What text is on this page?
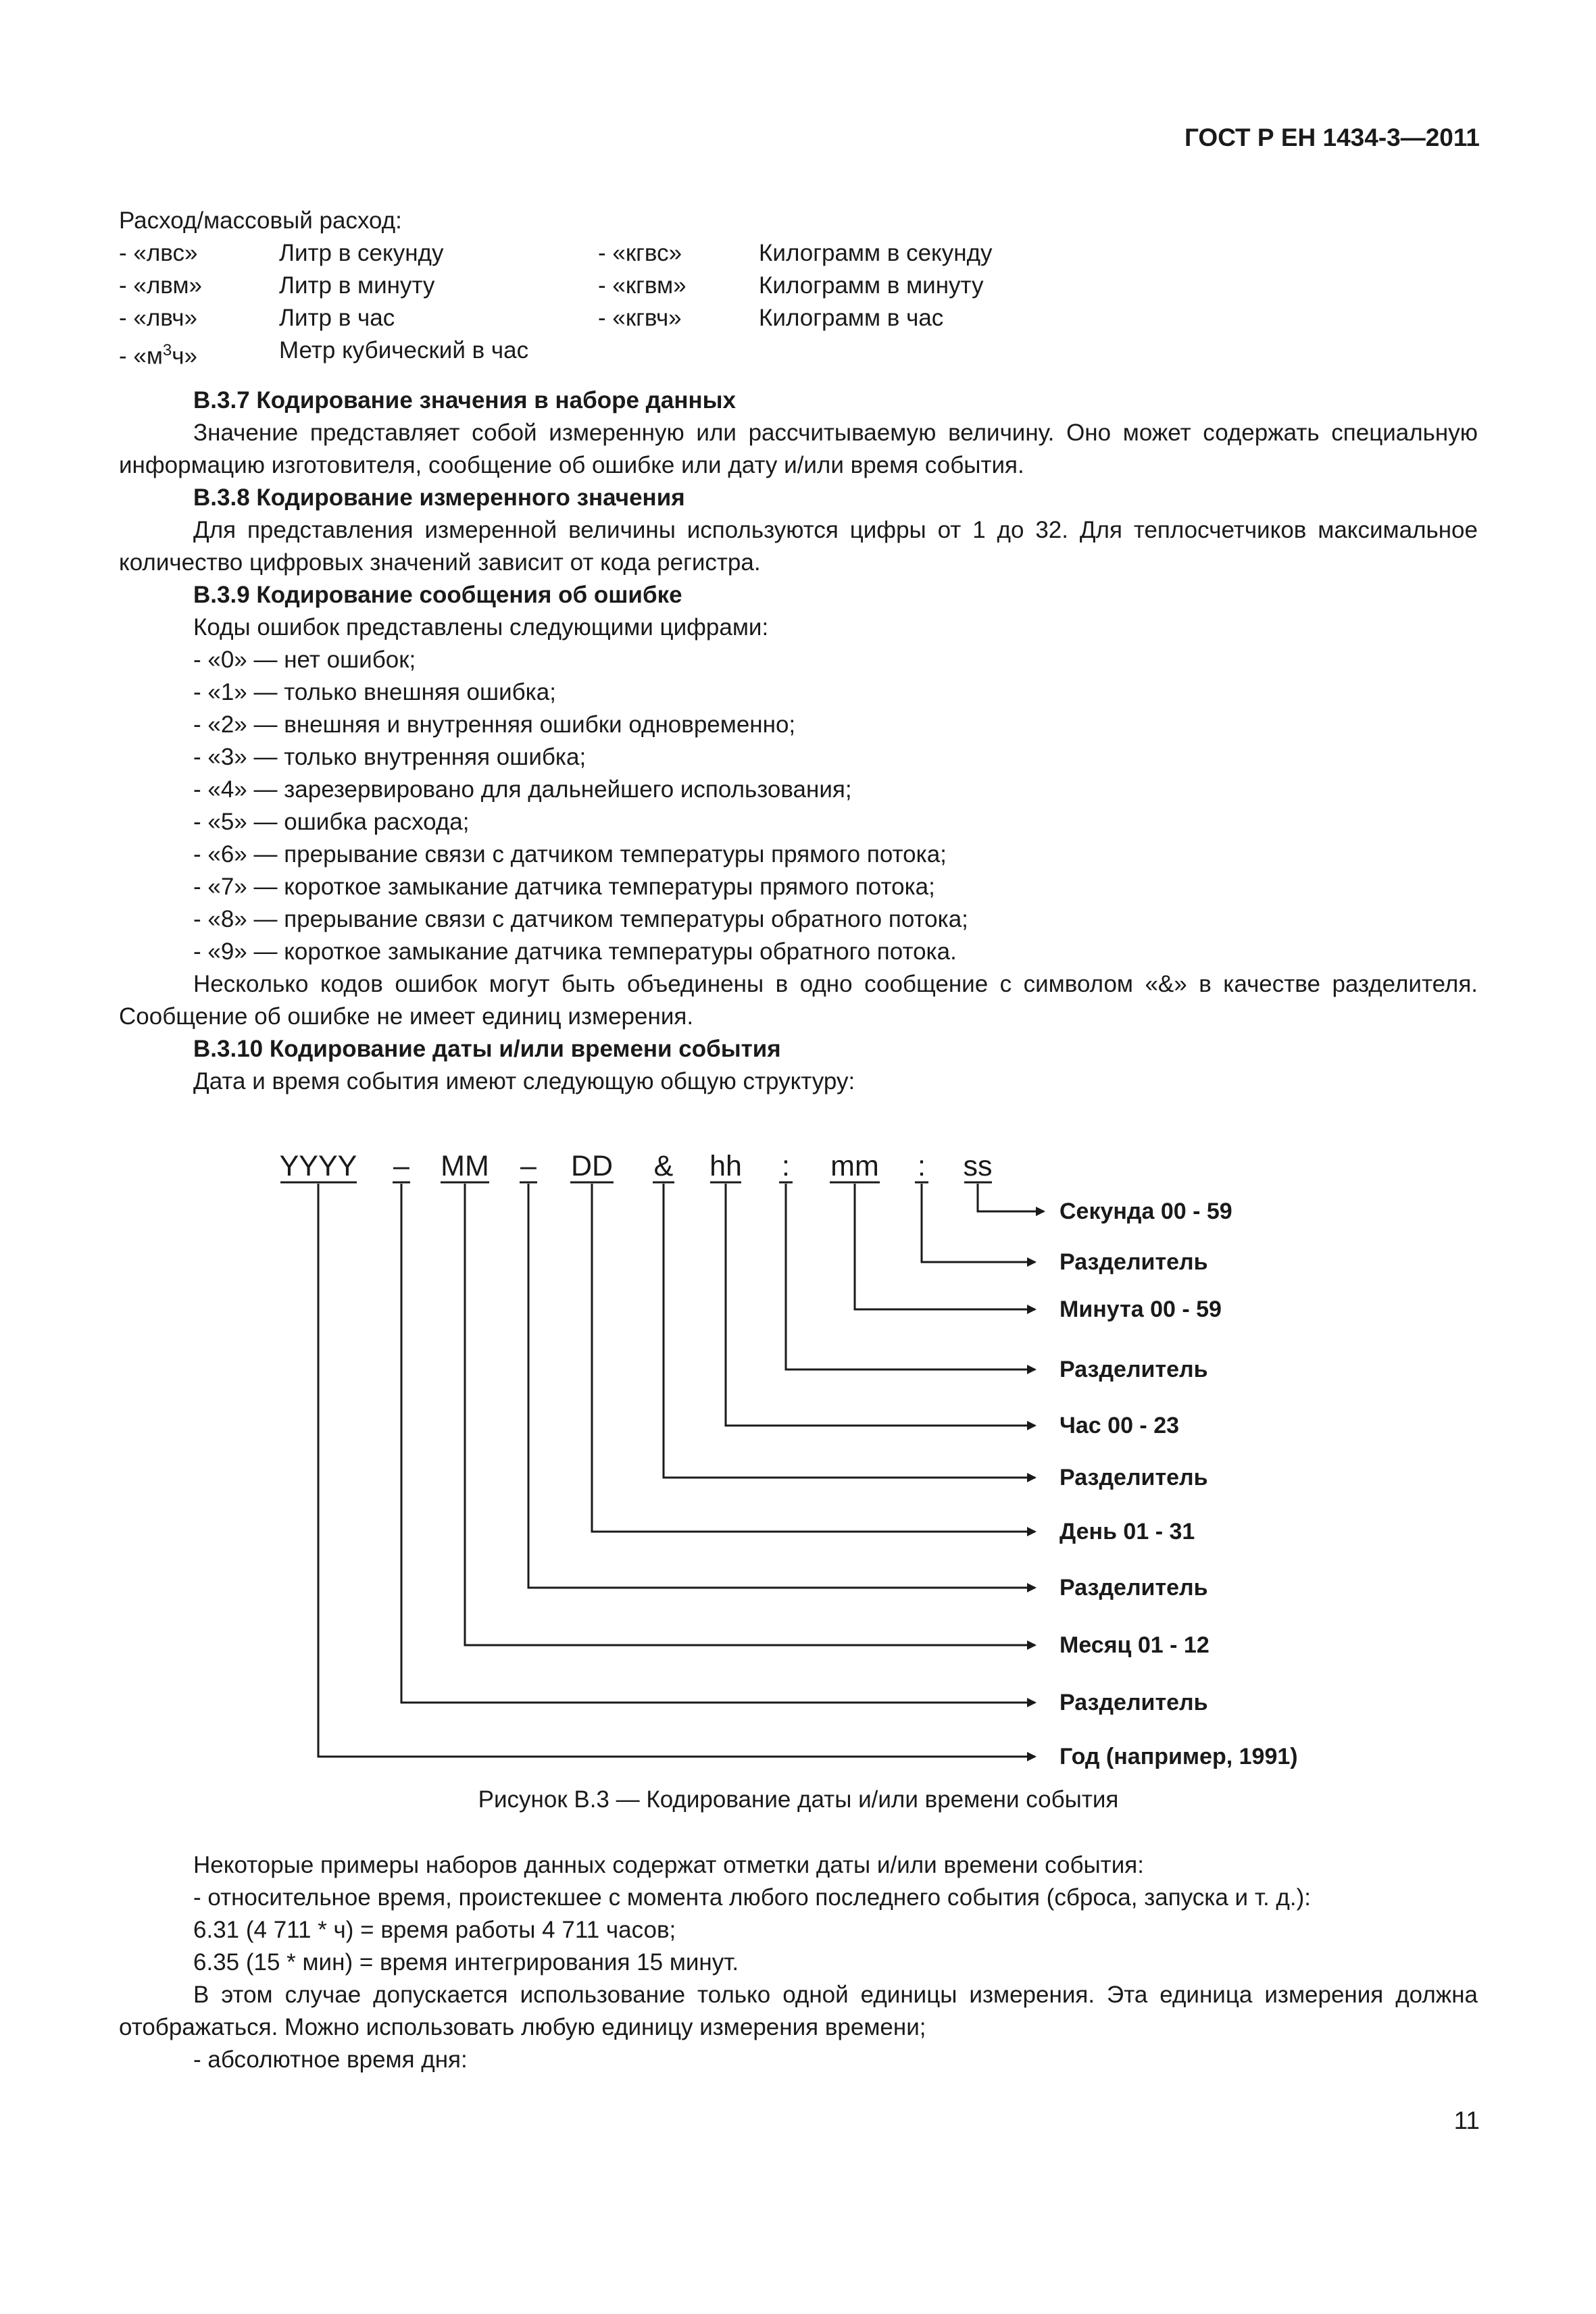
ГОСТ Р ЕН 1434-3—2011
Расход/массовый расход:
- «лвс»	Литр в секунду	- «кгвс»	Килограмм в секунду
- «лвм»	Литр в минуту	- «кгвм»	Килограмм в минуту
- «лвч»	Литр в час	- «кгвч»	Килограмм в час
- «$м^3ч$»	Метр кубический в час
В.3.7 Кодирование значения в наборе данных
Значение представляет собой измеренную или рассчитываемую величину. Оно может содержать специальную информацию изготовителя, сообщение об ошибке или дату и/или время события.
В.3.8 Кодирование измеренного значения
Для представления измеренной величины используются цифры от 1 до 32. Для теплосчетчиков максимальное количество цифровых значений зависит от кода регистра.
В.3.9 Кодирование сообщения об ошибке
Коды ошибок представлены следующими цифрами:
- «0» — нет ошибок;
- «1» — только внешняя ошибка;
- «2» — внешняя и внутренняя ошибки одновременно;
- «3» — только внутренняя ошибка;
- «4» — зарезервировано для дальнейшего использования;
- «5» — ошибка расхода;
- «6» — прерывание связи с датчиком температуры прямого потока;
- «7» — короткое замыкание датчика температуры прямого потока;
- «8» — прерывание связи с датчиком температуры обратного потока;
- «9» — короткое замыкание датчика температуры обратного потока.
Несколько кодов ошибок могут быть объединены в одно сообщение с символом «&» в качестве разделителя. Сообщение об ошибке не имеет единиц измерения.
В.3.10 Кодирование даты и/или времени события
Дата и время события имеют следующую общую структуру:
YYYY – MM – DD & hh : mm : ss
Секунда 00 - 59
Разделитель
Минута 00 - 59
Разделитель
Час 00 - 23
Разделитель
День 01 - 31
Разделитель
Месяц 01 - 12
Разделитель
Год (например, 1991)
Рисунок В.3 — Кодирование даты и/или времени события
Некоторые примеры наборов данных содержат отметки даты и/или времени события:
- относительное время, проистекшее с момента любого последнего события (сброса, запуска и т. д.):
6.31 (4 711 * ч) = время работы 4 711 часов;
6.35 (15 * мин) = время интегрирования 15 минут.
В этом случае допускается использование только одной единицы измерения. Эта единица измерения должна отображаться. Можно использовать любую единицу измерения времени;
- абсолютное время дня:
11
